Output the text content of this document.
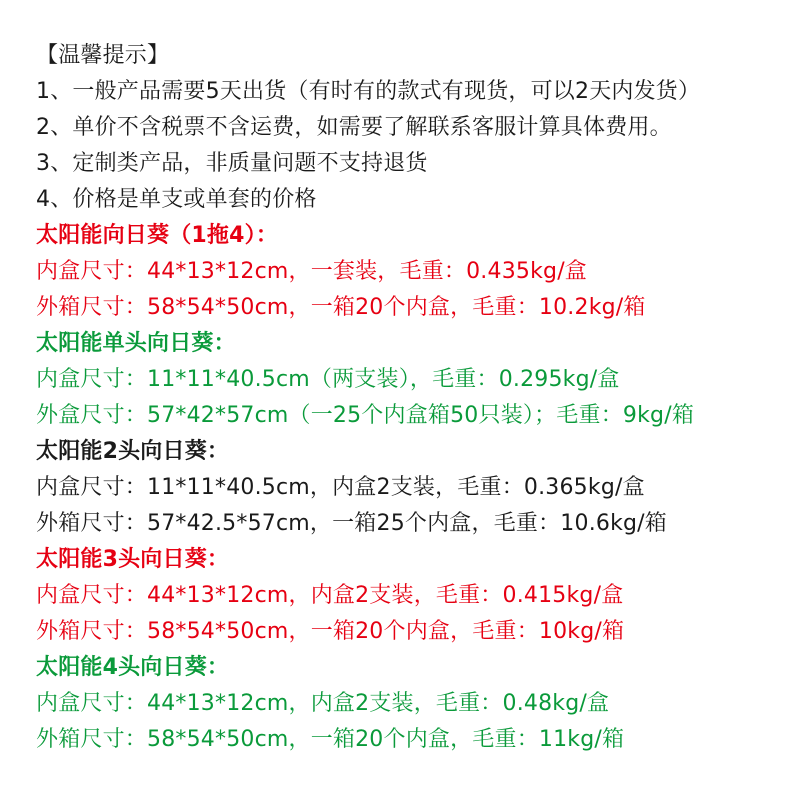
【温馨提示】
1、一般产品需要5天出货（有时有的款式有现货，可以2天内发货）
2、单价不含税票不含运费，如需要了解联系客服计算具体费用。
3、定制类产品，非质量问题不支持退货
4、价格是单支或单套的价格
太阳能向日葵（1拖4）：
内盒尺寸：44*13*12cm，一套装，毛重：0.435kg/盒
外箱尺寸：58*54*50cm，一箱20个内盒，毛重：10.2kg/箱
太阳能单头向日葵：
内盒尺寸：11*11*40.5cm（两支装），毛重：0.295kg/盒
外盒尺寸：57*42*57cm（一25个内盒箱50只装）；毛重：9kg/箱
太阳能2头向日葵：
内盒尺寸：11*11*40.5cm，内盒2支装，毛重：0.365kg/盒
外箱尺寸：57*42.5*57cm，一箱25个内盒，毛重：10.6kg/箱
太阳能3头向日葵：
内盒尺寸：44*13*12cm，内盒2支装，毛重：0.415kg/盒
外箱尺寸：58*54*50cm，一箱20个内盒，毛重：10kg/箱
太阳能4头向日葵：
内盒尺寸：44*13*12cm，内盒2支装，毛重：0.48kg/盒
外箱尺寸：58*54*50cm，一箱20个内盒，毛重：11kg/箱
